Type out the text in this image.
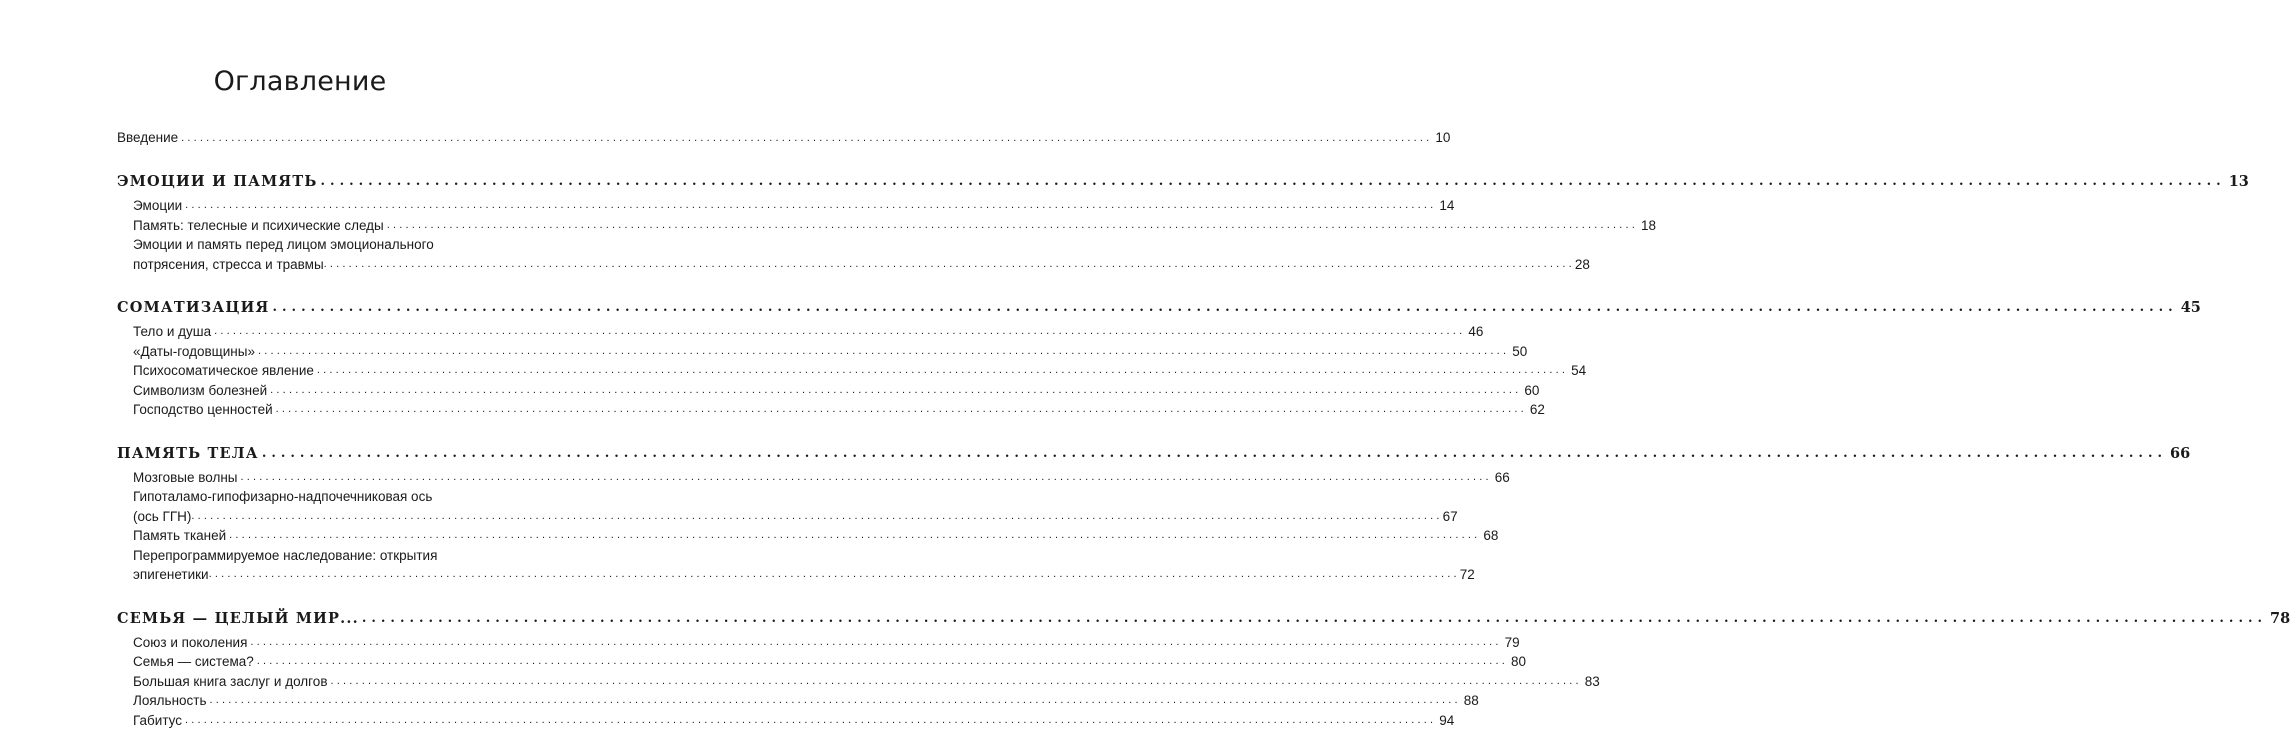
Оглавление
Введение ........................................................................................................................................................................................................ 10
ЭМОЦИИ И ПАМЯТЬ ........................................................................................................................................................................................................ 13
Эмоции ........................................................................................................................................................................................................ 14
Память: телесные и психические следы ........................................................................................................................................................................................................ 18
Эмоции и память перед лицом эмоционального
потрясения, стресса и травмы ........................................................................................................................................................................................................ 28
СОМАТИЗАЦИЯ ........................................................................................................................................................................................................ 45
Тело и душа ........................................................................................................................................................................................................ 46
«Даты-годовщины» ........................................................................................................................................................................................................ 50
Психосоматическое явление ........................................................................................................................................................................................................ 54
Символизм болезней ........................................................................................................................................................................................................ 60
Господство ценностей ........................................................................................................................................................................................................ 62
ПАМЯТЬ ТЕЛА ........................................................................................................................................................................................................ 66
Мозговые волны ........................................................................................................................................................................................................ 66
Гипоталамо-гипофизарно-надпочечниковая ось
(ось ГГН) ........................................................................................................................................................................................................ 67
Память тканей ........................................................................................................................................................................................................ 68
Перепрограммируемое наследование: открытия
эпигенетики ........................................................................................................................................................................................................ 72
СЕМЬЯ — ЦЕЛЫЙ МИР... ........................................................................................................................................................................................................ 78
Союз и поколения ........................................................................................................................................................................................................ 79
Семья — система? ........................................................................................................................................................................................................ 80
Большая книга заслуг и долгов ........................................................................................................................................................................................................ 83
Лояльность ........................................................................................................................................................................................................ 88
Габитус ........................................................................................................................................................................................................ 94
